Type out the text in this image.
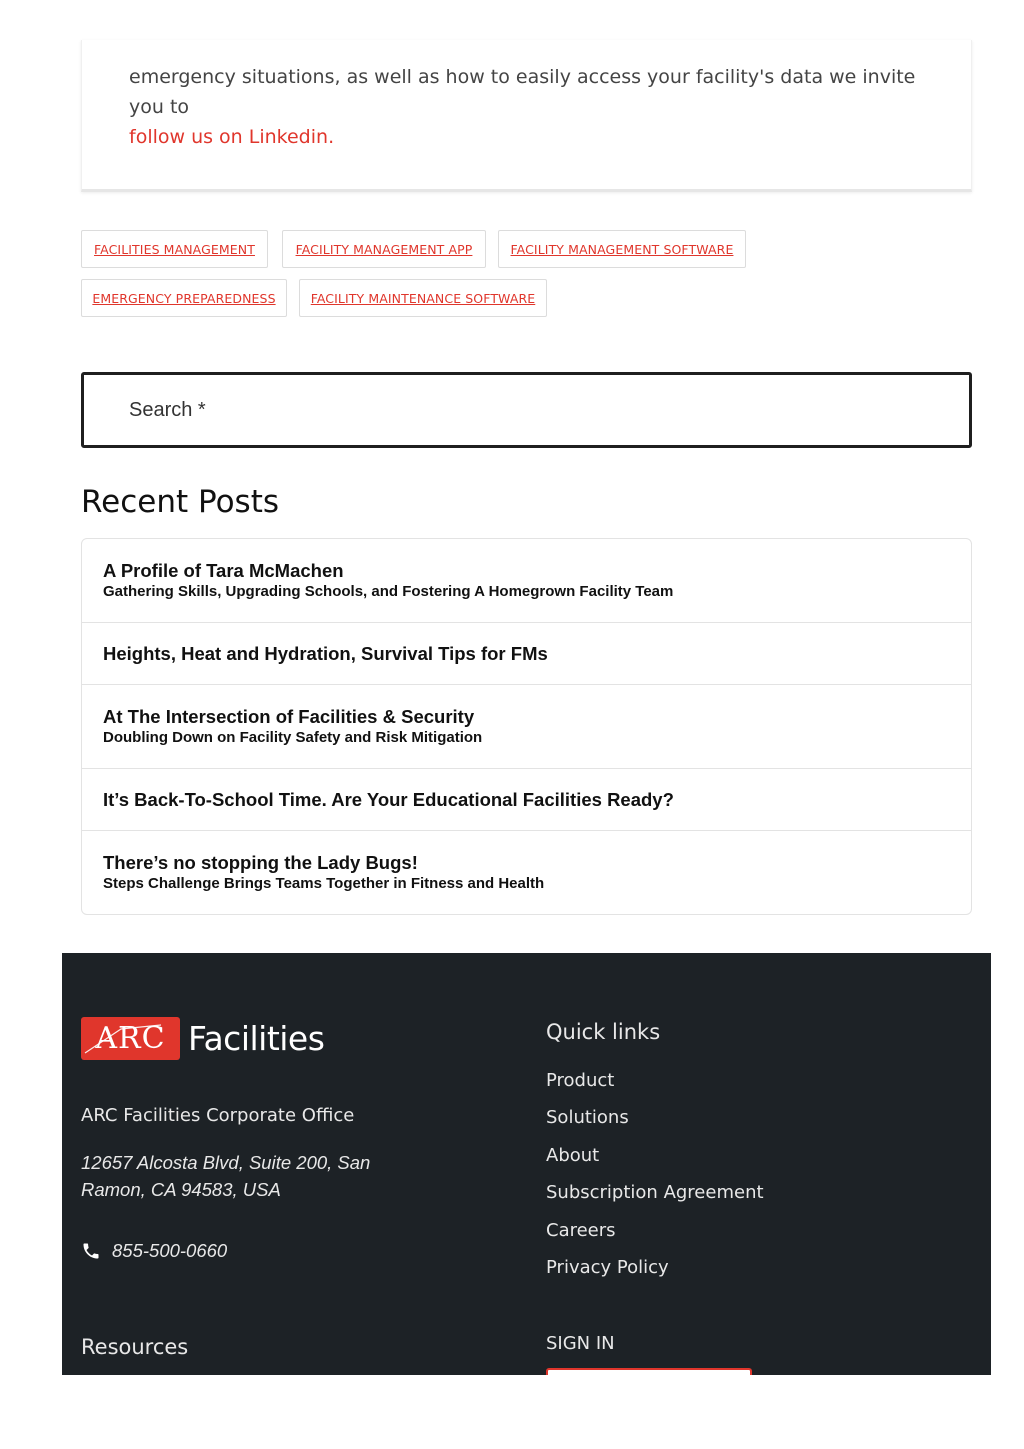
emergency situations, as well as how to easily access your facility's data we invite you to
follow us on Linkedin.

FACILITIES MANAGEMENT	FACILITY MANAGEMENT APP	FACILITY MANAGEMENT SOFTWARE
EMERGENCY PREPAREDNESS	FACILITY MAINTENANCE SOFTWARE
Search *
Recent Posts
A Profile of Tara McMachen
Gathering Skills, Upgrading Schools, and Fostering A Homegrown Facility Team
Heights, Heat and Hydration, Survival Tips for FMs
At The Intersection of Facilities & Security
Doubling Down on Facility Safety and Risk Mitigation
It’s Back-To-School Time. Are Your Educational Facilities Ready?
There’s no stopping the Lady Bugs!
Steps Challenge Brings Teams Together in Fitness and Health
ARC Facilities
ARC Facilities Corporate Office
12657 Alcosta Blvd, Suite 200, San Ramon, CA 94583, USA
855-500-0660
Resources
Quick links
Product
Solutions
About
Subscription Agreement
Careers
Privacy Policy
SIGN IN
